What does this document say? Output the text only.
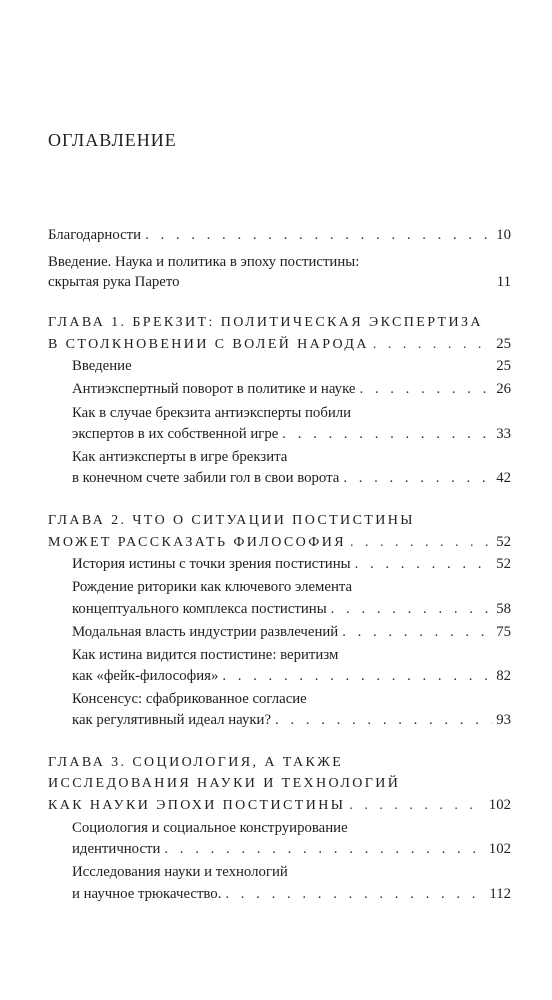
ОГЛАВЛЕНИЕ
Благодарности . . .	10
Введение. Наука и политика в эпоху постистины:
скрытая рука Парето	11
ГЛАВА 1. БРЕКЗИТ: ПОЛИТИЧЕСКАЯ ЭКСПЕРТИЗА
В СТОЛКНОВЕНИИ С ВОЛЕЙ НАРОДА . . .	25
Введение	25
Антиэкспертный поворот в политике и науке . . .	26
Как в случае брекзита антиэксперты побили
экспертов в их собственной игре . . .	33
Как антиэксперты в игре брекзита
в конечном счете забили гол в свои ворота . . .	42
ГЛАВА 2. ЧТО О СИТУАЦИИ ПОСТИСТИНЫ
МОЖЕТ РАССКАЗАТЬ ФИЛОСОФИЯ . . .	52
История истины с точки зрения постистины . . .	52
Рождение риторики как ключевого элемента
концептуального комплекса постистины . . .	58
Модальная власть индустрии развлечений . . .	75
Как истина видится постистине: веритизм
как «фейк-философия» . . .	82
Консенсус: сфабрикованное согласие
как регулятивный идеал науки? . . .	93
ГЛАВА 3. СОЦИОЛОГИЯ, А ТАКЖЕ
ИССЛЕДОВАНИЯ НАУКИ И ТЕХНОЛОГИЙ
КАК НАУКИ ЭПОХИ ПОСТИСТИНЫ . . .	102
Социология и социальное конструирование
идентичности . . .	102
Исследования науки и технологий
и научное трюкачество. . . .	112
